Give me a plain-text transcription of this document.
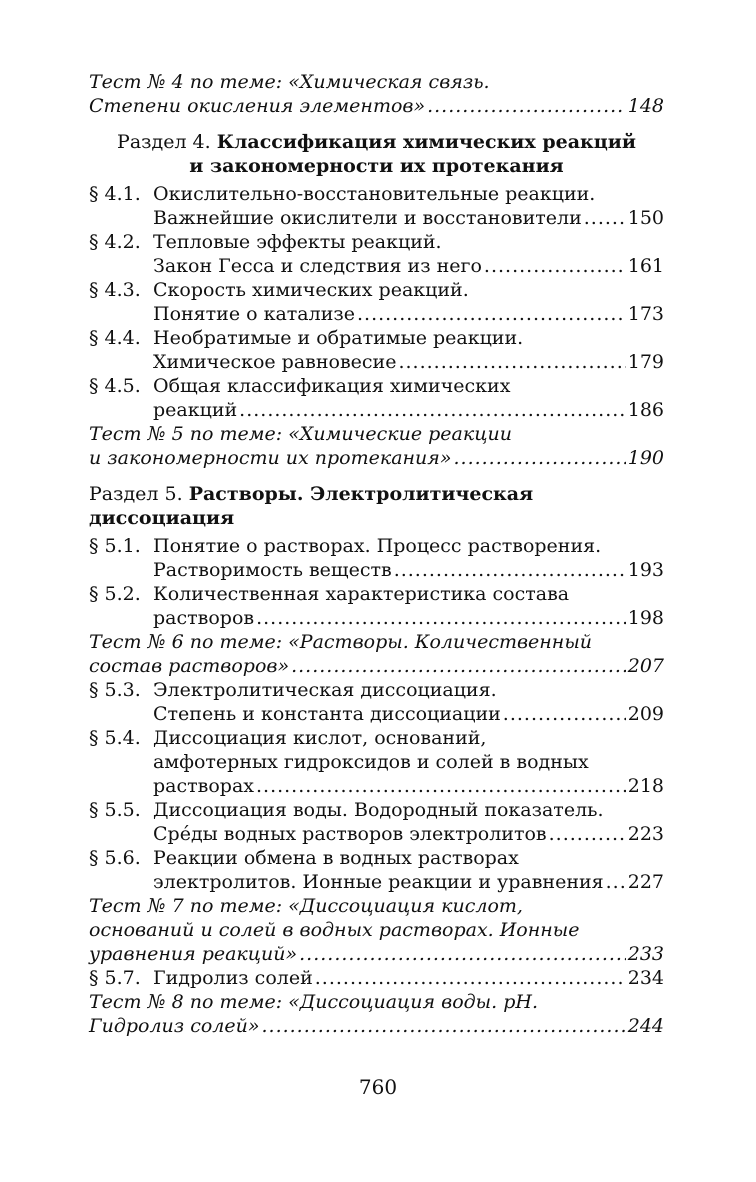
Тест № 4 по теме: «Химическая связь.
Степени окисления элементов» .....	148
Раздел 4. Классификация химических реакций
и закономерности их протекания
§ 4.1. Окислительно-восстановительные реакции.
Важнейшие окислители и восстановители ..... 150
§ 4.2. Тепловые эффекты реакций.
Закон Гесса и следствия из него .....	161
§ 4.3. Скорость химических реакций.
Понятие о катализе .....	173
§ 4.4. Необратимые и обратимые реакции.
Химическое равновесие .....	179
§ 4.5. Общая классификация химических
реакций .....	186
Тест № 5 по теме: «Химические реакции
и закономерности их протекания» .....	190
Раздел 5. Растворы. Электролитическая диссоциация
§ 5.1. Понятие о растворах. Процесс растворения.
Растворимость веществ .....	193
§ 5.2. Количественная характеристика состава
растворов .....	198
Тест № 6 по теме: «Растворы. Количественный
состав растворов» .....	207
§ 5.3. Электролитическая диссоциация.
Степень и константа диссоциации .....	209
§ 5.4. Диссоциация кислот, оснований,
амфотерных гидроксидов и солей в водных
растворах .....	218
§ 5.5. Диссоциация воды. Водородный показатель.
Сре́ды водных растворов электролитов .....	223
§ 5.6. Реакции обмена в водных растворах
электролитов. Ионные реакции и уравнения ..... 227
Тест № 7 по теме: «Диссоциация кислот,
оснований и солей в водных растворах. Ионные
уравнения реакций» .....	233
§ 5.7. Гидролиз солей .....	234
Тест № 8 по теме: «Диссоциация воды. pH.
Гидролиз солей» .....	244
760
